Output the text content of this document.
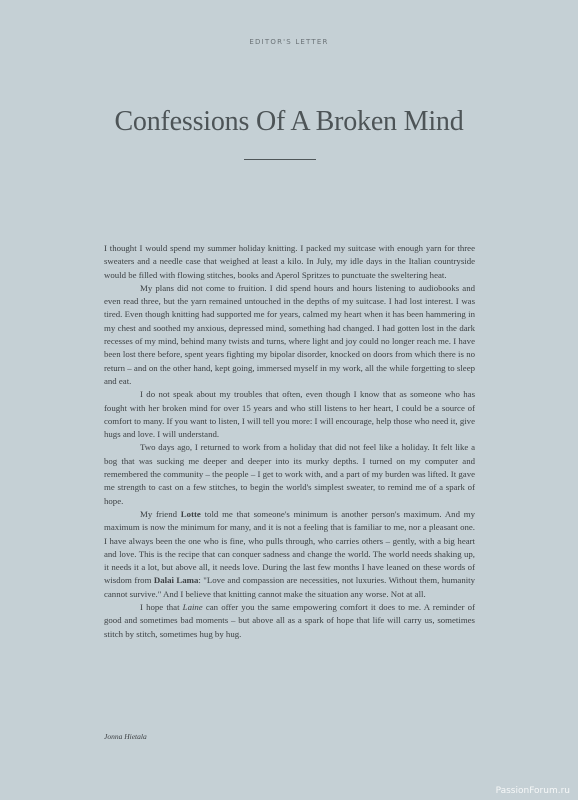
EDITOR'S LETTER
Confessions Of A Broken Mind

I thought I would spend my summer holiday knitting. I packed my suitcase with enough yarn for three sweaters and a needle case that weighed at least a kilo. In July, my idle days in the Italian countryside would be filled with flowing stitches, books and Aperol Spritzes to punctuate the sweltering heat.

My plans did not come to fruition. I did spend hours and hours listening to audiobooks and even read three, but the yarn remained untouched in the depths of my suitcase. I had lost interest. I was tired. Even though knitting had supported me for years, calmed my heart when it has been hammering in my chest and soothed my anxious, depressed mind, something had changed. I had gotten lost in the dark recesses of my mind, behind many twists and turns, where light and joy could no longer reach me. I have been lost there before, spent years fighting my bipolar disorder, knocked on doors from which there is no return – and on the other hand, kept going, immersed myself in my work, all the while forgetting to sleep and eat.

I do not speak about my troubles that often, even though I know that as someone who has fought with her broken mind for over 15 years and who still listens to her heart, I could be a source of comfort to many. If you want to listen, I will tell you more: I will encourage, help those who need it, give hugs and love. I will understand.

Two days ago, I returned to work from a holiday that did not feel like a holiday. It felt like a bog that was sucking me deeper and deeper into its murky depths. I turned on my computer and remembered the community – the people – I get to work with, and a part of my burden was lifted. It gave me strength to cast on a few stitches, to begin the world's simplest sweater, to remind me of a spark of hope.

My friend Lotte told me that someone's minimum is another person's maximum. And my maximum is now the minimum for many, and it is not a feeling that is familiar to me, nor a pleasant one. I have always been the one who is fine, who pulls through, who carries others – gently, with a big heart and love. This is the recipe that can conquer sadness and change the world. The world needs shaking up, it needs it a lot, but above all, it needs love. During the last few months I have leaned on these words of wisdom from Dalai Lama: "Love and compassion are necessities, not luxuries. Without them, humanity cannot survive." And I believe that knitting cannot make the situation any worse. Not at all.

I hope that Laine can offer you the same empowering comfort it does to me. A reminder of good and sometimes bad moments – but above all as a spark of hope that life will carry us, sometimes stitch by stitch, sometimes hug by hug.

Jonna Hietala
PassionForum.ru
